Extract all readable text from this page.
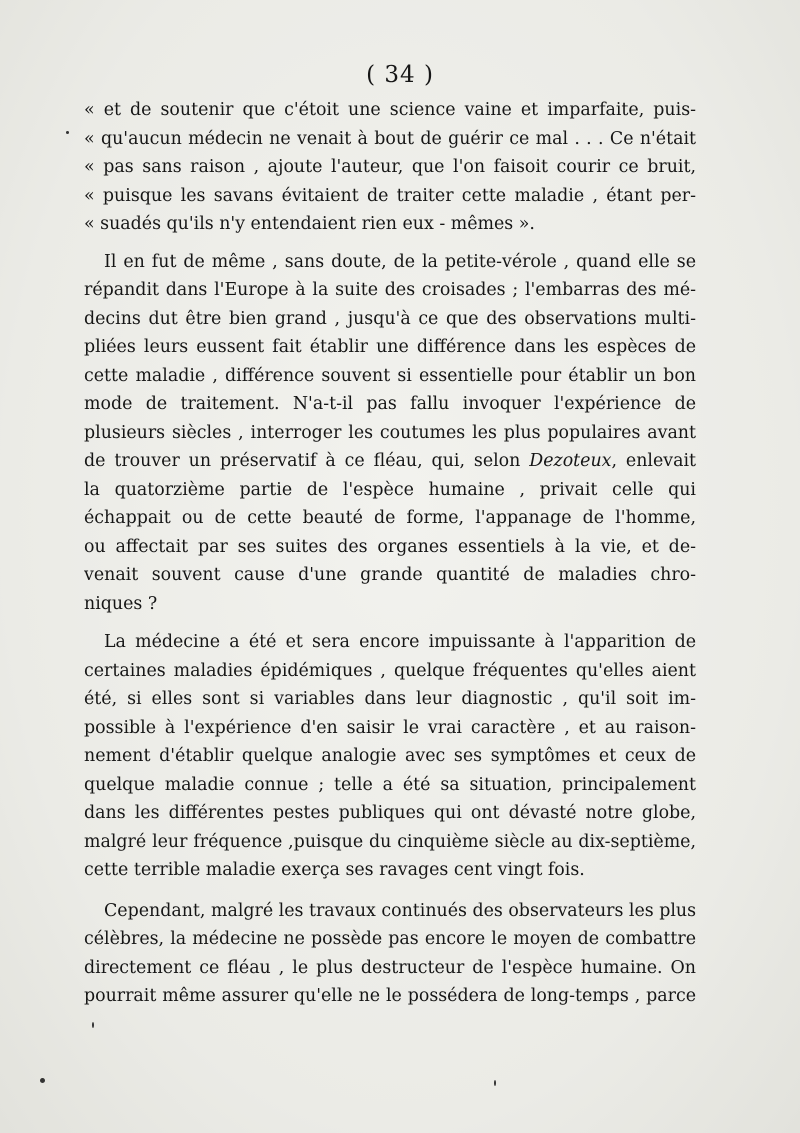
( 34 )
« et de soutenir que c'étoit une science vaine et imparfaite, puis-
« qu'aucun médecin ne venait à bout de guérir ce mal . . . Ce n'était
« pas sans raison , ajoute l'auteur, que l'on faisoit courir ce bruit,
« puisque les savans évitaient de traiter cette maladie , étant per-
« suadés qu'ils n'y entendaient rien eux - mêmes ».
Il en fut de même , sans doute, de la petite-vérole , quand elle se
répandit dans l'Europe à la suite des croisades ; l'embarras des mé-
decins dut être bien grand , jusqu'à ce que des observations multi-
pliées leurs eussent fait établir une différence dans les espèces de
cette maladie , différence souvent si essentielle pour établir un bon
mode de traitement. N'a-t-il pas fallu invoquer l'expérience de
plusieurs siècles , interroger les coutumes les plus populaires avant
de trouver un préservatif à ce fléau, qui, selon Dezoteux, enlevait
la quatorzième partie de l'espèce humaine , privait celle qui
échappait ou de cette beauté de forme, l'appanage de l'homme,
ou affectait par ses suites des organes essentiels à la vie, et de-
venait souvent cause d'une grande quantité de maladies chro-
niques ?
La médecine a été et sera encore impuissante à l'apparition de
certaines maladies épidémiques , quelque fréquentes qu'elles aient
été, si elles sont si variables dans leur diagnostic , qu'il soit im-
possible à l'expérience d'en saisir le vrai caractère , et au raison-
nement d'établir quelque analogie avec ses symptômes et ceux de
quelque maladie connue ; telle a été sa situation, principalement
dans les différentes pestes publiques qui ont dévasté notre globe,
malgré leur fréquence ,puisque du cinquième siècle au dix-septième,
cette terrible maladie exerça ses ravages cent vingt fois.
Cependant, malgré les travaux continués des observateurs les plus
célèbres, la médecine ne possède pas encore le moyen de combattre
directement ce fléau , le plus destructeur de l'espèce humaine. On
pourrait même assurer qu'elle ne le possédera de long-temps , parce
